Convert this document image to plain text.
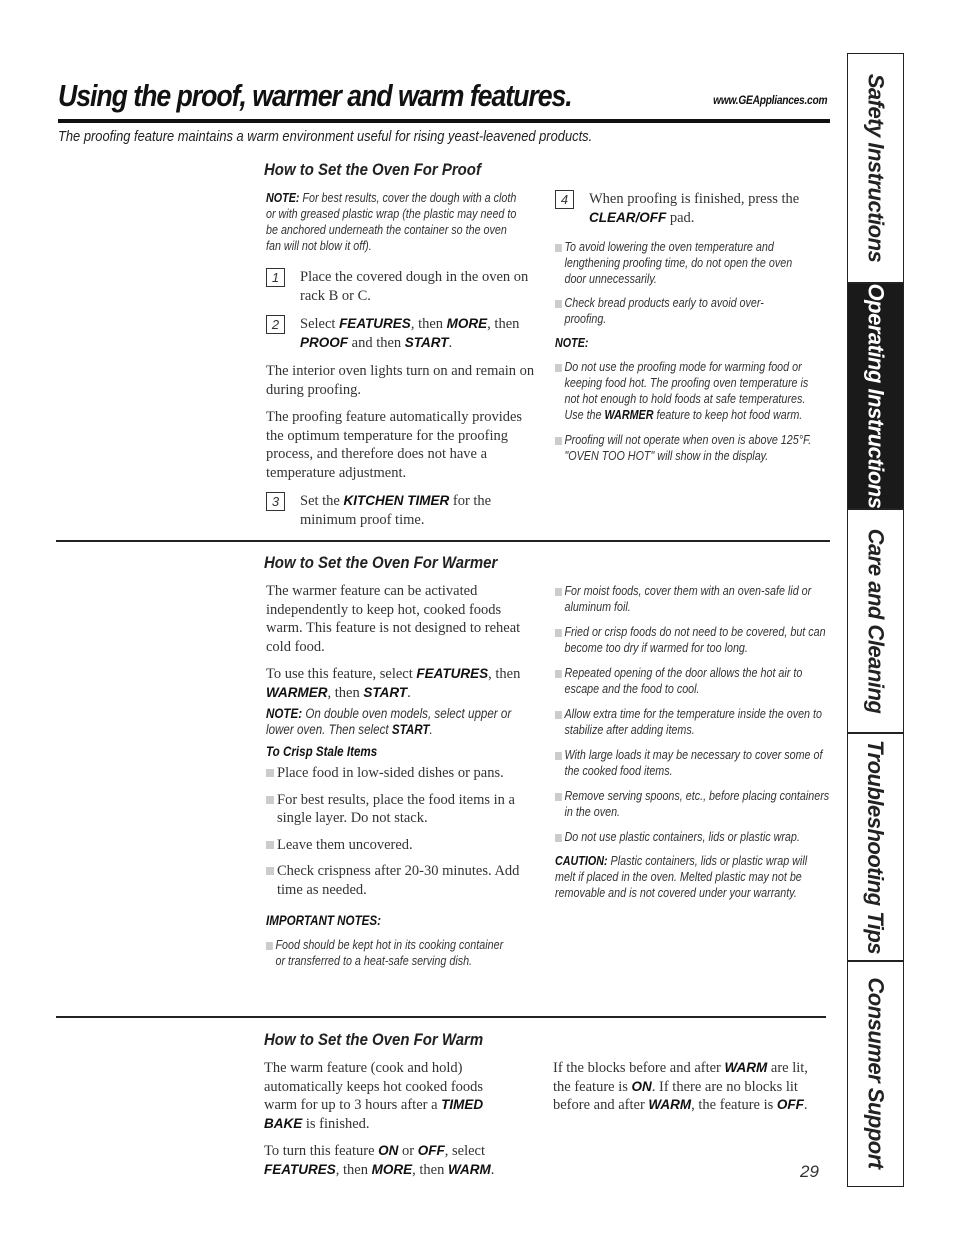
Using the proof, warmer and warm features.	www.GEAppliances.com
The proofing feature maintains a warm environment useful for rising yeast-leavened products.
How to Set the Oven For Proof
NOTE: For best results, cover the dough with a cloth or with greased plastic wrap (the plastic may need to be anchored underneath the container so the oven fan will not blow it off).
1	Place the covered dough in the oven on rack B or C.
2	Select FEATURES, then MORE, then PROOF and then START.
The interior oven lights turn on and remain on during proofing.
The proofing feature automatically provides the optimum temperature for the proofing process, and therefore does not have a temperature adjustment.
3	Set the KITCHEN TIMER for the minimum proof time.
4	When proofing is finished, press the CLEAR/OFF pad.
To avoid lowering the oven temperature and lengthening proofing time, do not open the oven door unnecessarily.
Check bread products early to avoid over-proofing.
NOTE:
Do not use the proofing mode for warming food or keeping food hot. The proofing oven temperature is not hot enough to hold foods at safe temperatures. Use the WARMER feature to keep hot food warm.
Proofing will not operate when oven is above 125°F. "OVEN TOO HOT" will show in the display.
How to Set the Oven For Warmer
The warmer feature can be activated independently to keep hot, cooked foods warm. This feature is not designed to reheat cold food.
To use this feature, select FEATURES, then WARMER, then START.
NOTE: On double oven models, select upper or lower oven. Then select START.
To Crisp Stale Items
Place food in low-sided dishes or pans.
For best results, place the food items in a single layer. Do not stack.
Leave them uncovered.
Check crispness after 20-30 minutes. Add time as needed.
IMPORTANT NOTES:
Food should be kept hot in its cooking container or transferred to a heat-safe serving dish.
For moist foods, cover them with an oven-safe lid or aluminum foil.
Fried or crisp foods do not need to be covered, but can become too dry if warmed for too long.
Repeated opening of the door allows the hot air to escape and the food to cool.
Allow extra time for the temperature inside the oven to stabilize after adding items.
With large loads it may be necessary to cover some of the cooked food items.
Remove serving spoons, etc., before placing containers in the oven.
Do not use plastic containers, lids or plastic wrap.
CAUTION: Plastic containers, lids or plastic wrap will melt if placed in the oven. Melted plastic may not be removable and is not covered under your warranty.
How to Set the Oven For Warm
The warm feature (cook and hold) automatically keeps hot cooked foods warm for up to 3 hours after a TIMED BAKE is finished.
To turn this feature ON or OFF, select FEATURES, then MORE, then WARM.
If the blocks before and after WARM are lit, the feature is ON. If there are no blocks lit before and after WARM, the feature is OFF.
29
Safety Instructions
Operating Instructions
Care and Cleaning
Troubleshooting Tips
Consumer Support
